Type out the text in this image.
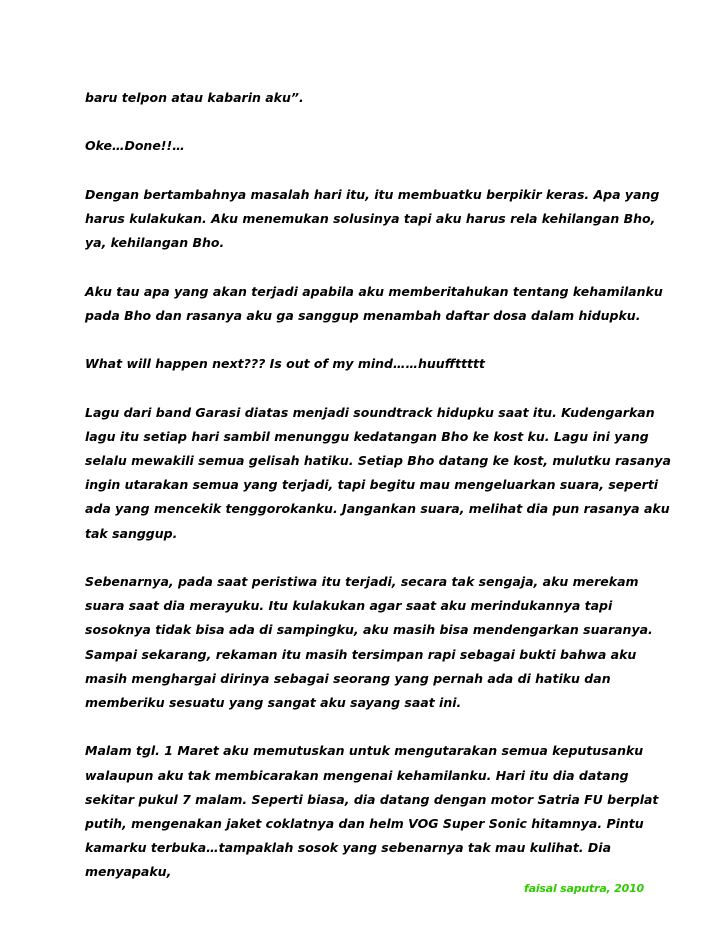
baru telpon atau kabarin aku”.

Oke…Done!!…

Dengan bertambahnya masalah hari itu, itu membuatku berpikir keras. Apa yang
harus kulakukan. Aku menemukan solusinya tapi aku harus rela kehilangan Bho,
ya, kehilangan Bho.

Aku tau apa yang akan terjadi apabila aku memberitahukan tentang kehamilanku
pada Bho dan rasanya aku ga sanggup menambah daftar dosa dalam hidupku.

What will happen next??? Is out of my mind……huuffttttt

Lagu dari band Garasi diatas menjadi soundtrack hidupku saat itu. Kudengarkan
lagu itu setiap hari sambil menunggu kedatangan Bho ke kost ku. Lagu ini yang
selalu mewakili semua gelisah hatiku. Setiap Bho datang ke kost, mulutku rasanya
ingin utarakan semua yang terjadi, tapi begitu mau mengeluarkan suara, seperti
ada yang mencekik tenggorokanku. Jangankan suara, melihat dia pun rasanya aku
tak sanggup.

Sebenarnya, pada saat peristiwa itu terjadi, secara tak sengaja, aku merekam
suara saat dia merayuku. Itu kulakukan agar saat aku merindukannya tapi
sosoknya tidak bisa ada di sampingku, aku masih bisa mendengarkan suaranya.
Sampai sekarang, rekaman itu masih tersimpan rapi sebagai bukti bahwa aku
masih menghargai dirinya sebagai seorang yang pernah ada di hatiku dan
memberiku sesuatu yang sangat aku sayang saat ini.

Malam tgl. 1 Maret aku memutuskan untuk mengutarakan semua keputusanku
walaupun aku tak membicarakan mengenai kehamilanku. Hari itu dia datang
sekitar pukul 7 malam. Seperti biasa, dia datang dengan motor Satria FU berplat
putih, mengenakan jaket coklatnya dan helm VOG Super Sonic hitamnya. Pintu
kamarku terbuka…tampaklah sosok yang sebenarnya tak mau kulihat. Dia
menyapaku,

faisal saputra, 2010
